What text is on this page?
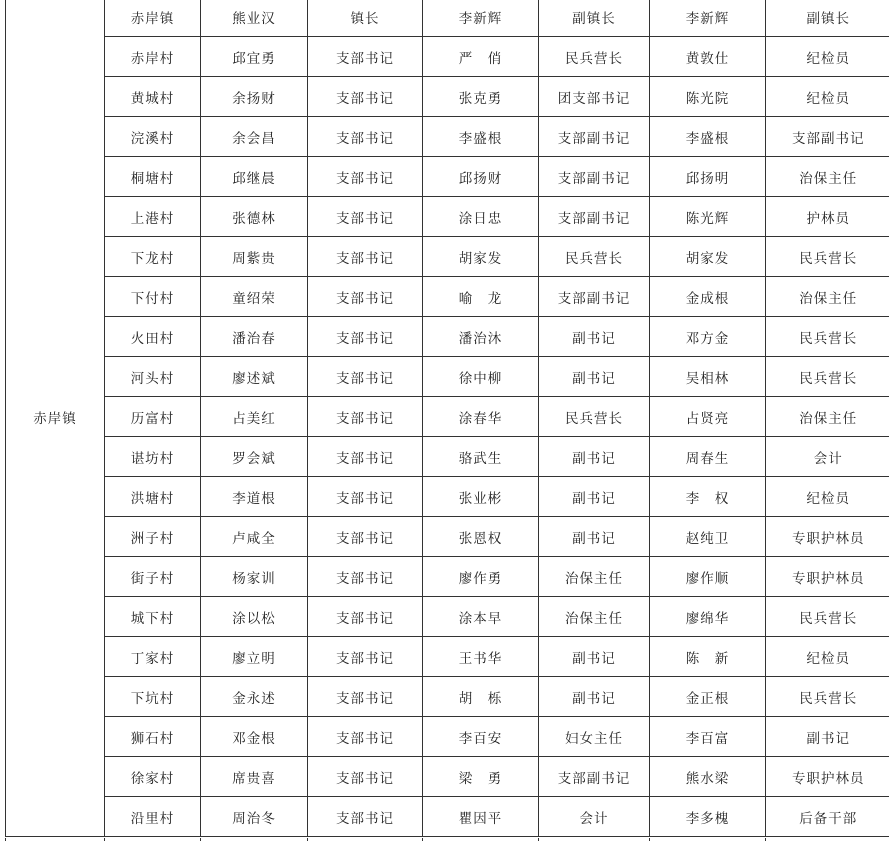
赤岸镇	赤岸镇	熊业汉	镇长	李新辉	副镇长	李新辉	副镇长
	赤岸村	邱宜勇	支部书记	严　俏	民兵营长	黄敦仕	纪检员
	黄城村	余扬财	支部书记	张克勇	团支部书记	陈光院	纪检员
	浣溪村	余会昌	支部书记	李盛根	支部副书记	李盛根	支部副书记
	桐塘村	邱继晨	支部书记	邱扬财	支部副书记	邱扬明	治保主任
	上港村	张德林	支部书记	涂日忠	支部副书记	陈光辉	护林员
	下龙村	周紫贵	支部书记	胡家发	民兵营长	胡家发	民兵营长
	下付村	童绍荣	支部书记	喻　龙	支部副书记	金成根	治保主任
	火田村	潘治春	支部书记	潘治沐	副书记	邓方金	民兵营长
	河头村	廖述斌	支部书记	徐中柳	副书记	吴相林	民兵营长
	历富村	占美红	支部书记	涂春华	民兵营长	占贤亮	治保主任
	谌坊村	罗会斌	支部书记	骆武生	副书记	周春生	会计
	洪塘村	李道根	支部书记	张业彬	副书记	李　权	纪检员
	洲子村	卢咸全	支部书记	张恩权	副书记	赵纯卫	专职护林员
	街子村	杨家训	支部书记	廖作勇	治保主任	廖作顺	专职护林员
	城下村	涂以松	支部书记	涂本早	治保主任	廖绵华	民兵营长
	丁家村	廖立明	支部书记	王书华	副书记	陈　新	纪检员
	下坑村	金永述	支部书记	胡　栎	副书记	金正根	民兵营长
	狮石村	邓金根	支部书记	李百安	妇女主任	李百富	副书记
	徐家村	席贵喜	支部书记	梁　勇	支部副书记	熊水梁	专职护林员
	沿里村	周治冬	支部书记	瞿因平	会计	李多槐	后备干部
